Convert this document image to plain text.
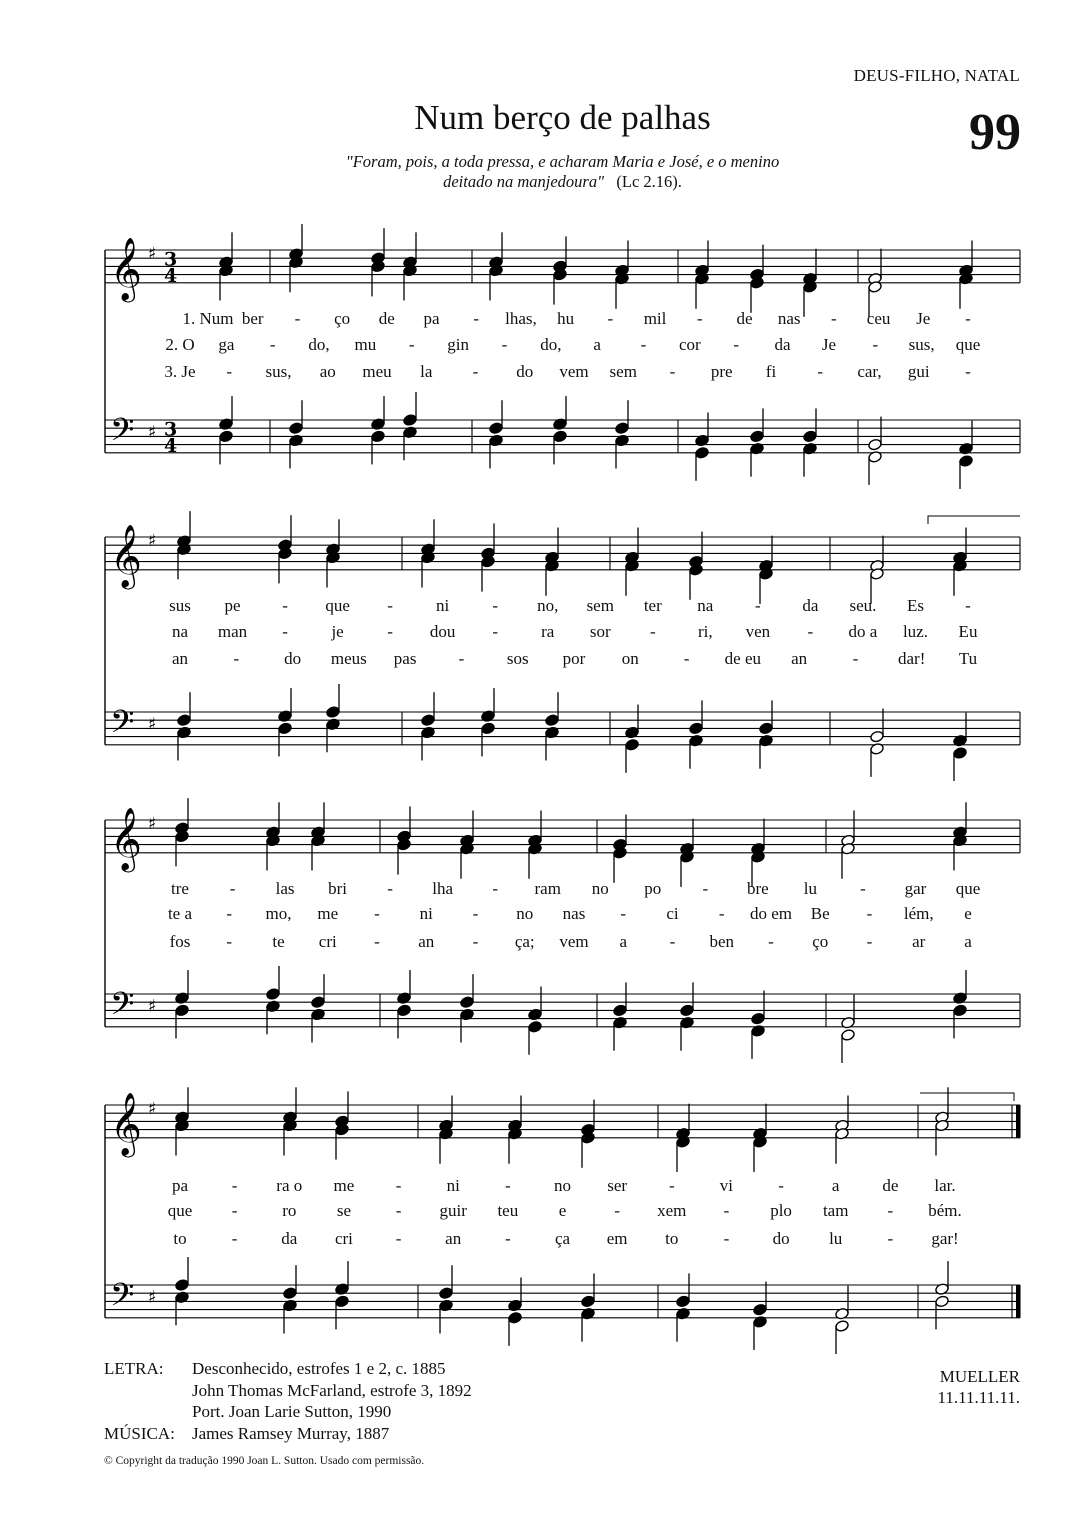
DEUS-FILHO, NATAL
99
Num berço de palhas
"Foram, pois, a toda pressa, e acharam Maria e José, e o menino
deitado na manjedoura" (Lc 2.16).
𝄞
𝄢
♯
♯
3
4
3
4
𝄞
𝄢
♯
♯
𝄞
𝄢
♯
♯
𝄞
𝄢
♯
♯
1. Num ber - ço de pa - lhas, hu - mil - de nas - ceu Je -
2. O ga - do, mu - gin - do, a - cor - da Je - sus, que
3. Je - sus, ao meu la - do vem sem - pre fi - car, gui -
sus pe - que -	ni	- no, sem ter na - da seu. Es -
na man -	je	- dou -	ra sor - ri, ven - do a luz. Eu
an	-	do meus pas -	sos por on	- de eu an	- dar! Tu
tre - las bri - lha - ram no po - bre lu	- gar que
te a - mo, me - ni - no nas - ci - do em Be - lém, e
fos - te cri - an - ça; vem a	- ben - ço - ar a
pa	- ra o me -	ni	-	no ser -	vi	-	a	de lar.
que -	ro se	- guir teu e	- xem - plo tam - bém.
to	-	da cri	-	an	-	ça em to	-	do lu	- gar!
LETRA:	Desconhecido, estrofes 1 e 2, c. 1885
John Thomas McFarland, estrofe 3, 1892
Port. Joan Larie Sutton, 1990
MÚSICA:	James Ramsey Murray, 1887
© Copyright da tradução 1990 Joan L. Sutton. Usado com permissão.
MUELLER
11.11.11.11.
